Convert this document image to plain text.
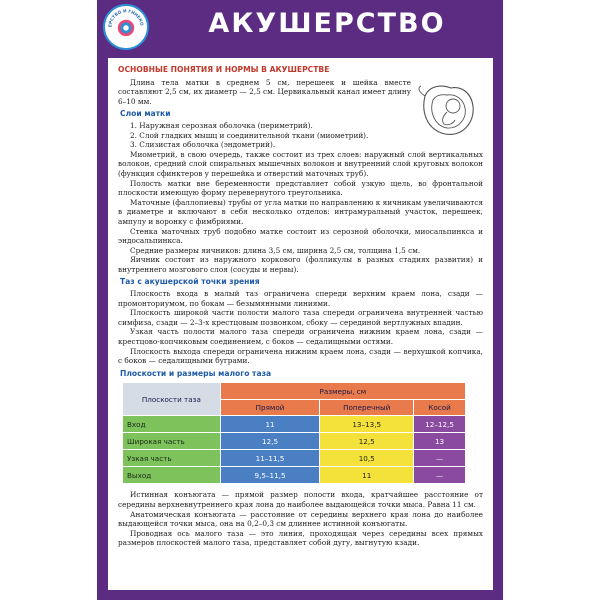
ЕРСТВО И ГИНЕКО	АКУШЕРСТВО
ОСНОВНЫЕ ПОНЯТИЯ И НОРМЫ В АКУШЕРСТВЕ
Длина тела матки в среднем 5 см, перешеек и шейка вместе составляют 2,5 см, их диаметр — 2,5 см. Цервикальный канал имеет длину 6–10 мм.
Слои матки
1. Наружная серозная оболочка (периметрий).
2. Слой гладких мышц и соединительной ткани (миометрий).
3. Слизистая оболочка (эндометрий).
Миометрий, в свою очередь, также состоит из трех слоев: наружный слой вертикальных волокон, средний слой спиральных мышечных волокон и внутренний слой круговых волокон (функция сфинктеров у перешейка и отверстий маточных труб).
Полость матки вне беременности представляет собой узкую щель, во фронтальной плоскости имеющую форму перевернутого треугольника.
Маточные (фаллопиевы) трубы от угла матки по направлению к яичникам увеличиваются в диаметре и включают в себя несколько отделов: интрамуральный участок, перешеек, ампулу и воронку с фимбриями.
Стенка маточных труб подобно матке состоит из серозной оболочки, миосальпинкса и эндосальпинкса.
Средние размеры яичников: длина 3,5 см, ширина 2,5 см, толщина 1,5 см.
Яичник состоит из наружного коркового (фолликулы в разных стадиях развития) и внутреннего мозгового слоя (сосуды и нервы).
Таз с акушерской точки зрения
Плоскость входа в малый таз ограничена спереди верхним краем лона, сзади — промонториумом, по бокам — безымянными линиями.
Плоскость широкой части полости малого таза спереди ограничена внутренней частью симфиза, сзади — 2–3-х крестцовым позвонком, сбоку — серединой вертлужных впадин.
Узкая часть полости малого таза спереди ограничена нижним краем лона, сзади — крестцово-копчиковым соединением, с боков — седалищными остями.
Плоскость выхода спереди ограничена нижним краем лона, сзади — верхушкой копчика, с боков — седалищными буграми.
Плоскости и размеры малого таза
Плоскости таза	Размеры, см		
	Прямой	Поперечный	Косой
Вход	11	13–13,5	12–12,5
Широкая часть	12,5	12,5	13
Узкая часть	11–11,5	10,5	—
Выход	9,5–11,5	11	—
Истинная конъюгата — прямой размер полости входа, кратчайшее расстояние от середины верхневнутреннего края лона до наиболее выдающейся точки мыса. Равна 11 см.
Анатомическая конъюгата — расстояние от середины верхнего края лона до наиболее выдающейся точки мыса, она на 0,2–0,3 см длиннее истинной конъюгаты.
Проводная ось малого таза — это линия, проходящая через середины всех прямых размеров плоскостей малого таза, представляет собой дугу, выгнутую кзади.
